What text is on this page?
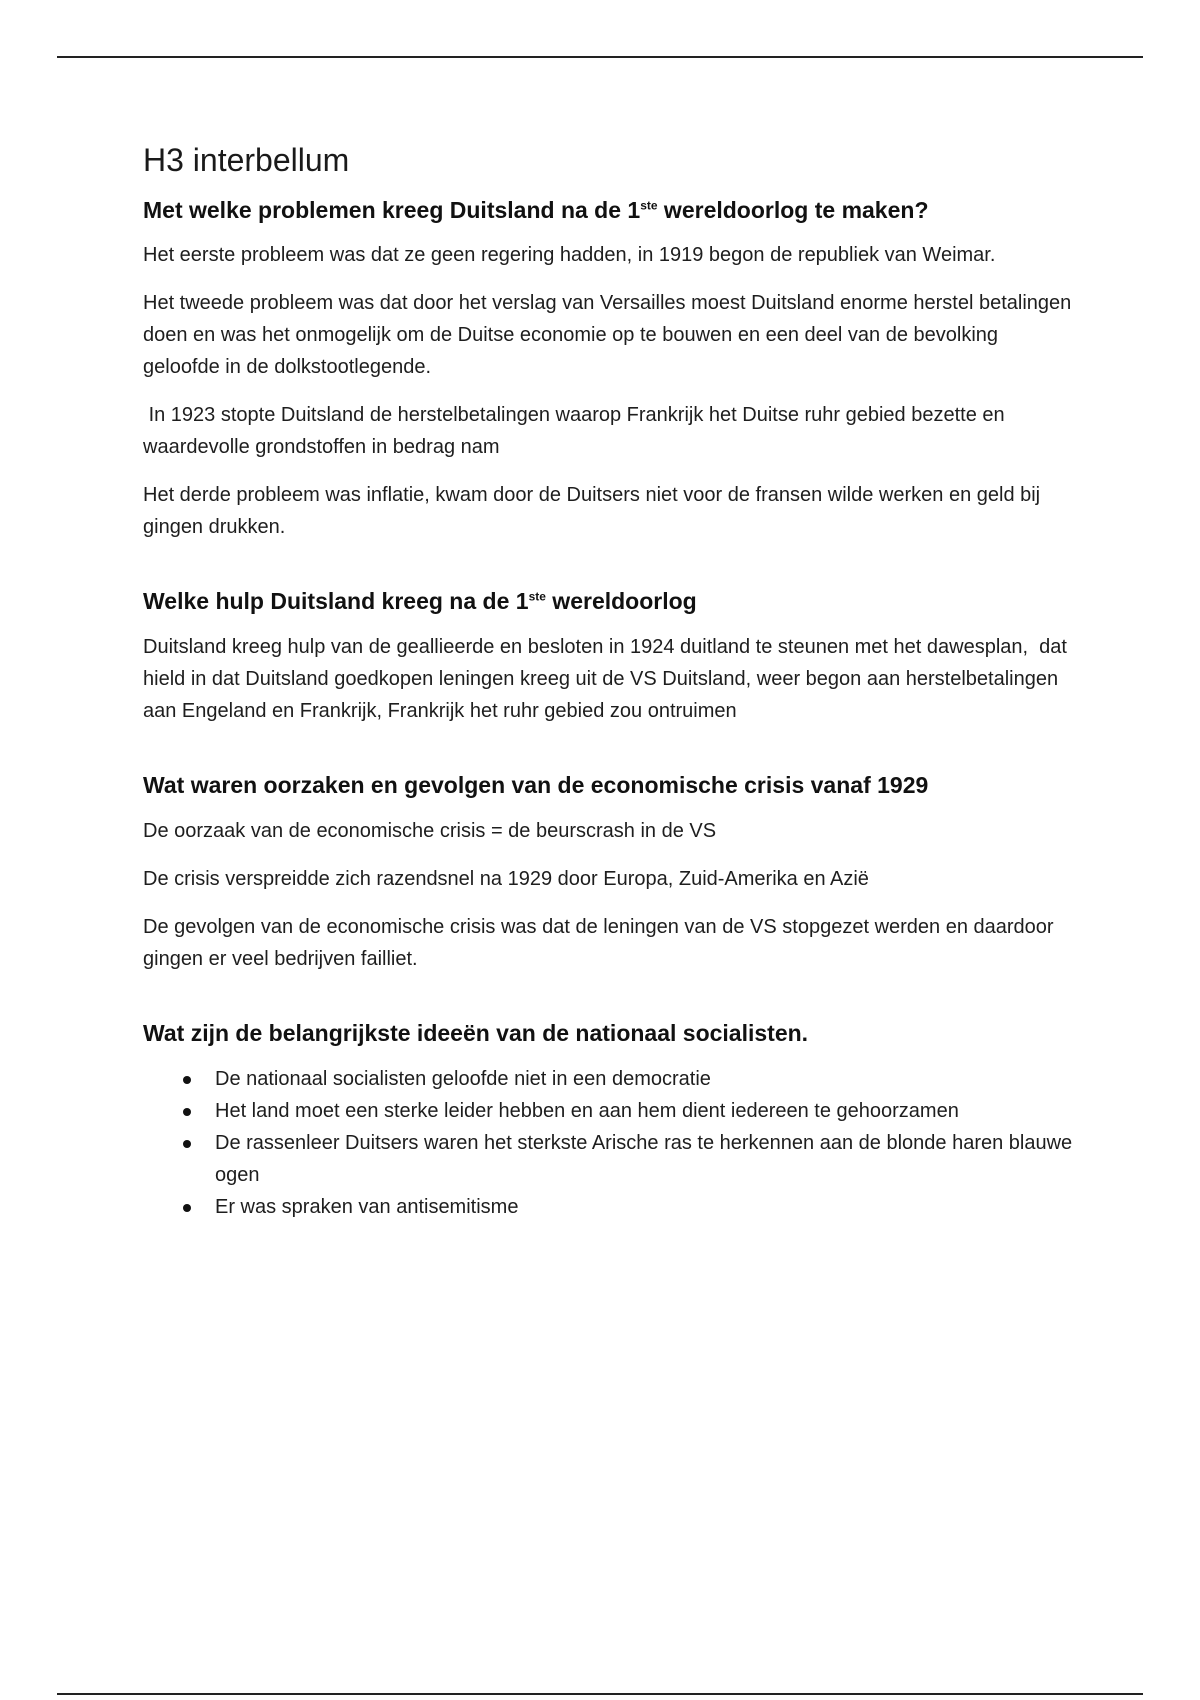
H3 interbellum
Met welke problemen kreeg Duitsland na de 1ste wereldoorlog te maken?

Het eerste probleem was dat ze geen regering hadden, in 1919 begon de republiek van Weimar.

Het tweede probleem was dat door het verslag van Versailles moest Duitsland enorme herstel betalingen doen en was het onmogelijk om de Duitse economie op te bouwen en een deel van de bevolking geloofde in de dolkstootlegende.

In 1923 stopte Duitsland de herstelbetalingen waarop Frankrijk het Duitse ruhr gebied bezette en waardevolle grondstoffen in bedrag nam

Het derde probleem was inflatie, kwam door de Duitsers niet voor de fransen wilde werken en geld bij gingen drukken.

Welke hulp Duitsland kreeg na de 1ste wereldoorlog

Duitsland kreeg hulp van de geallieerde en besloten in 1924 duitland te steunen met het dawesplan,  dat hield in dat Duitsland goedkopen leningen kreeg uit de VS Duitsland, weer begon aan herstelbetalingen aan Engeland en Frankrijk, Frankrijk het ruhr gebied zou ontruimen

Wat waren oorzaken en gevolgen van de economische crisis vanaf 1929

De oorzaak van de economische crisis = de beurscrash in de VS

De crisis verspreidde zich razendsnel na 1929 door Europa, Zuid-Amerika en Azië

De gevolgen van de economische crisis was dat de leningen van de VS stopgezet werden en daardoor gingen er veel bedrijven failliet.

Wat zijn de belangrijkste ideeën van de nationaal socialisten.
De nationaal socialisten geloofde niet in een democratie
Het land moet een sterke leider hebben en aan hem dient iedereen te gehoorzamen
De rassenleer Duitsers waren het sterkste Arische ras te herkennen aan de blonde haren blauwe ogen
Er was spraken van antisemitisme
